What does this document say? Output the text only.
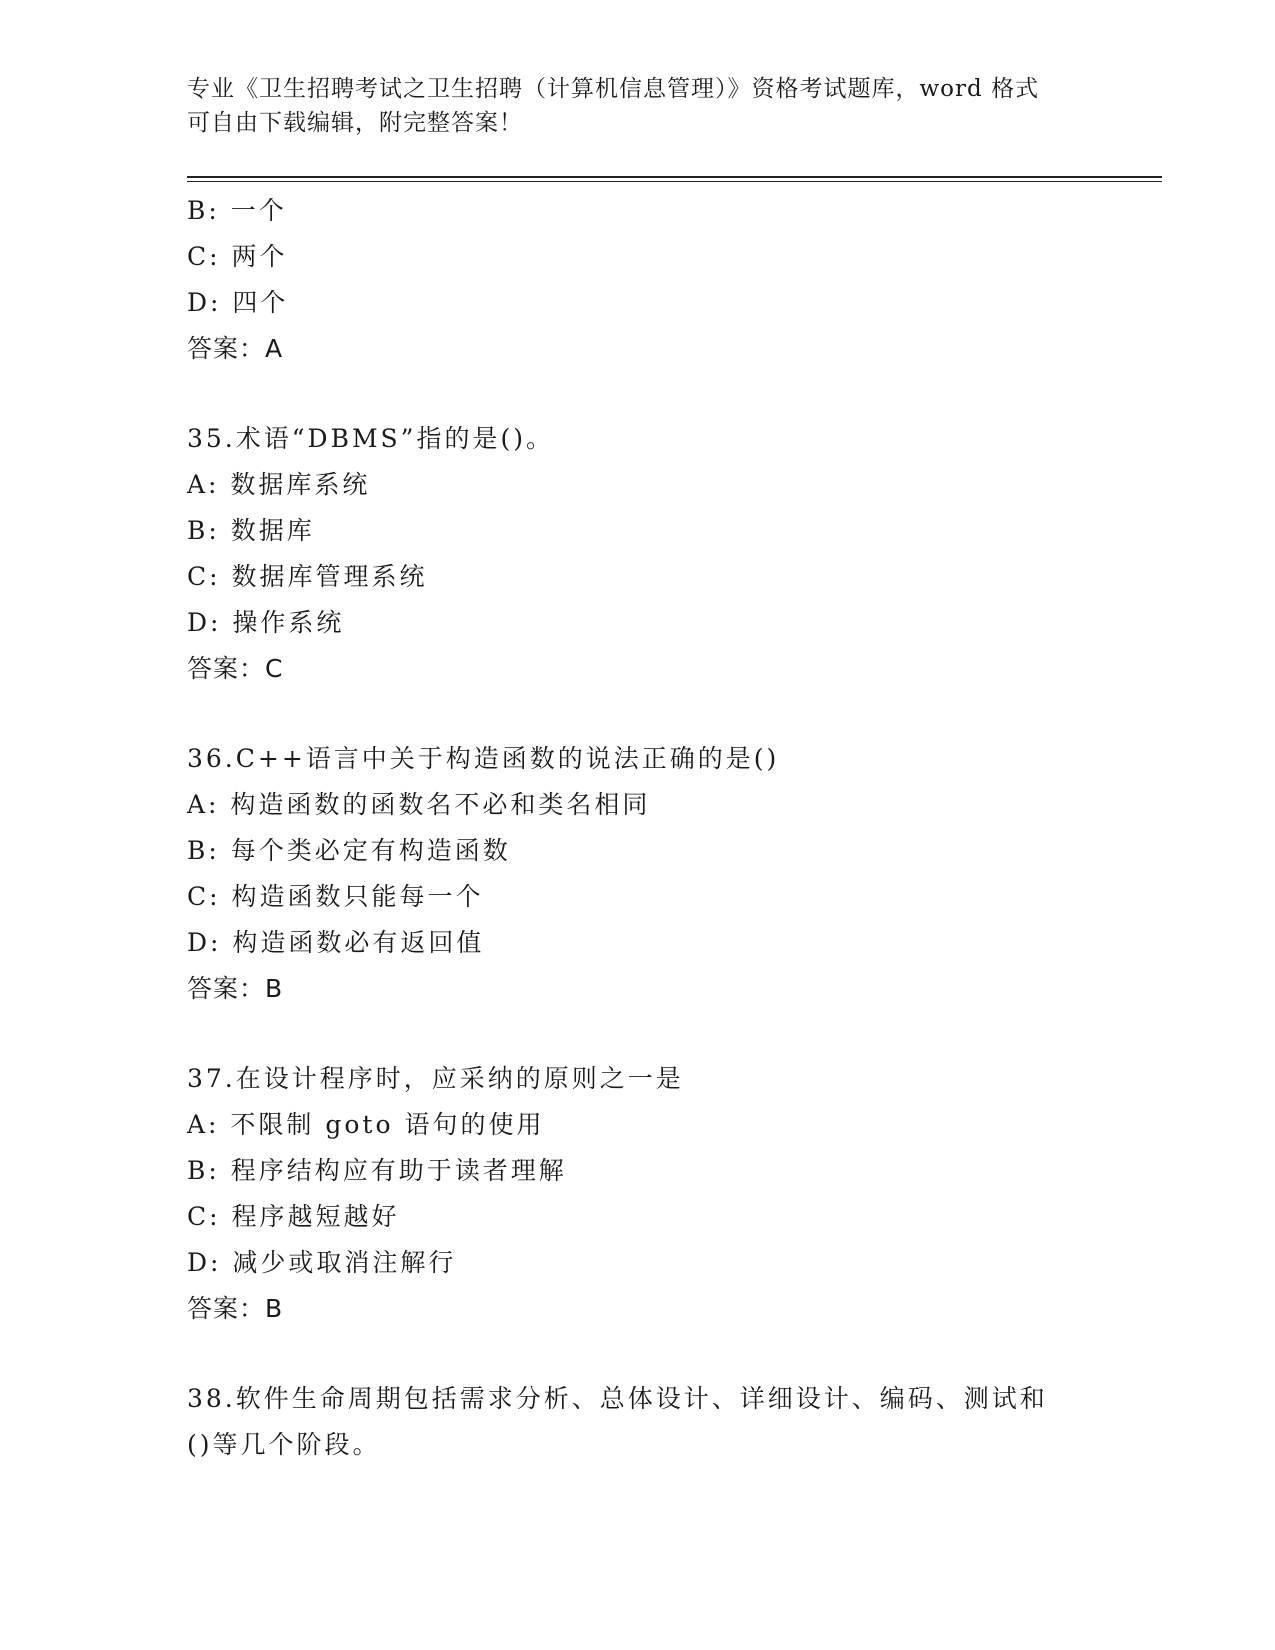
专业《卫生招聘考试之卫生招聘（计算机信息管理）》资格考试题库，word 格式
可自由下载编辑，附完整答案！
B: 一个
C: 两个
D: 四个
答案：A
35.术语“DBMS”指的是()。
A: 数据库系统
B: 数据库
C: 数据库管理系统
D: 操作系统
答案：C
36.C++语言中关于构造函数的说法正确的是()
A: 构造函数的函数名不必和类名相同
B: 每个类必定有构造函数
C: 构造函数只能每一个
D: 构造函数必有返回值
答案：B
37.在设计程序时，应采纳的原则之一是
A: 不限制 goto 语句的使用
B: 程序结构应有助于读者理解
C: 程序越短越好
D: 减少或取消注解行
答案：B
38.软件生命周期包括需求分析、总体设计、详细设计、编码、测试和
()等几个阶段。
